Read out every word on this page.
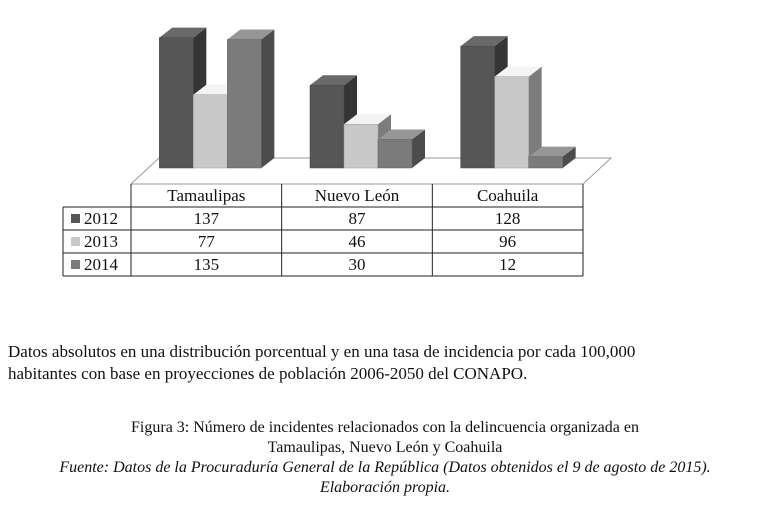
Tamaulipas	Nuevo León	Coahuila
2012	137	87	128
2013	77	46	96
2014	135	30	12

Datos absolutos en una distribución porcentual y en una tasa de incidencia por cada 100,000 habitantes con base en proyecciones de población 2006-2050 del CONAPO.

Figura 3: Número de incidentes relacionados con la delincuencia organizada en
Tamaulipas, Nuevo León y Coahuila

Fuente: Datos de la Procuraduría General de la República (Datos obtenidos el 9 de agosto de 2015).
Elaboración propia.
